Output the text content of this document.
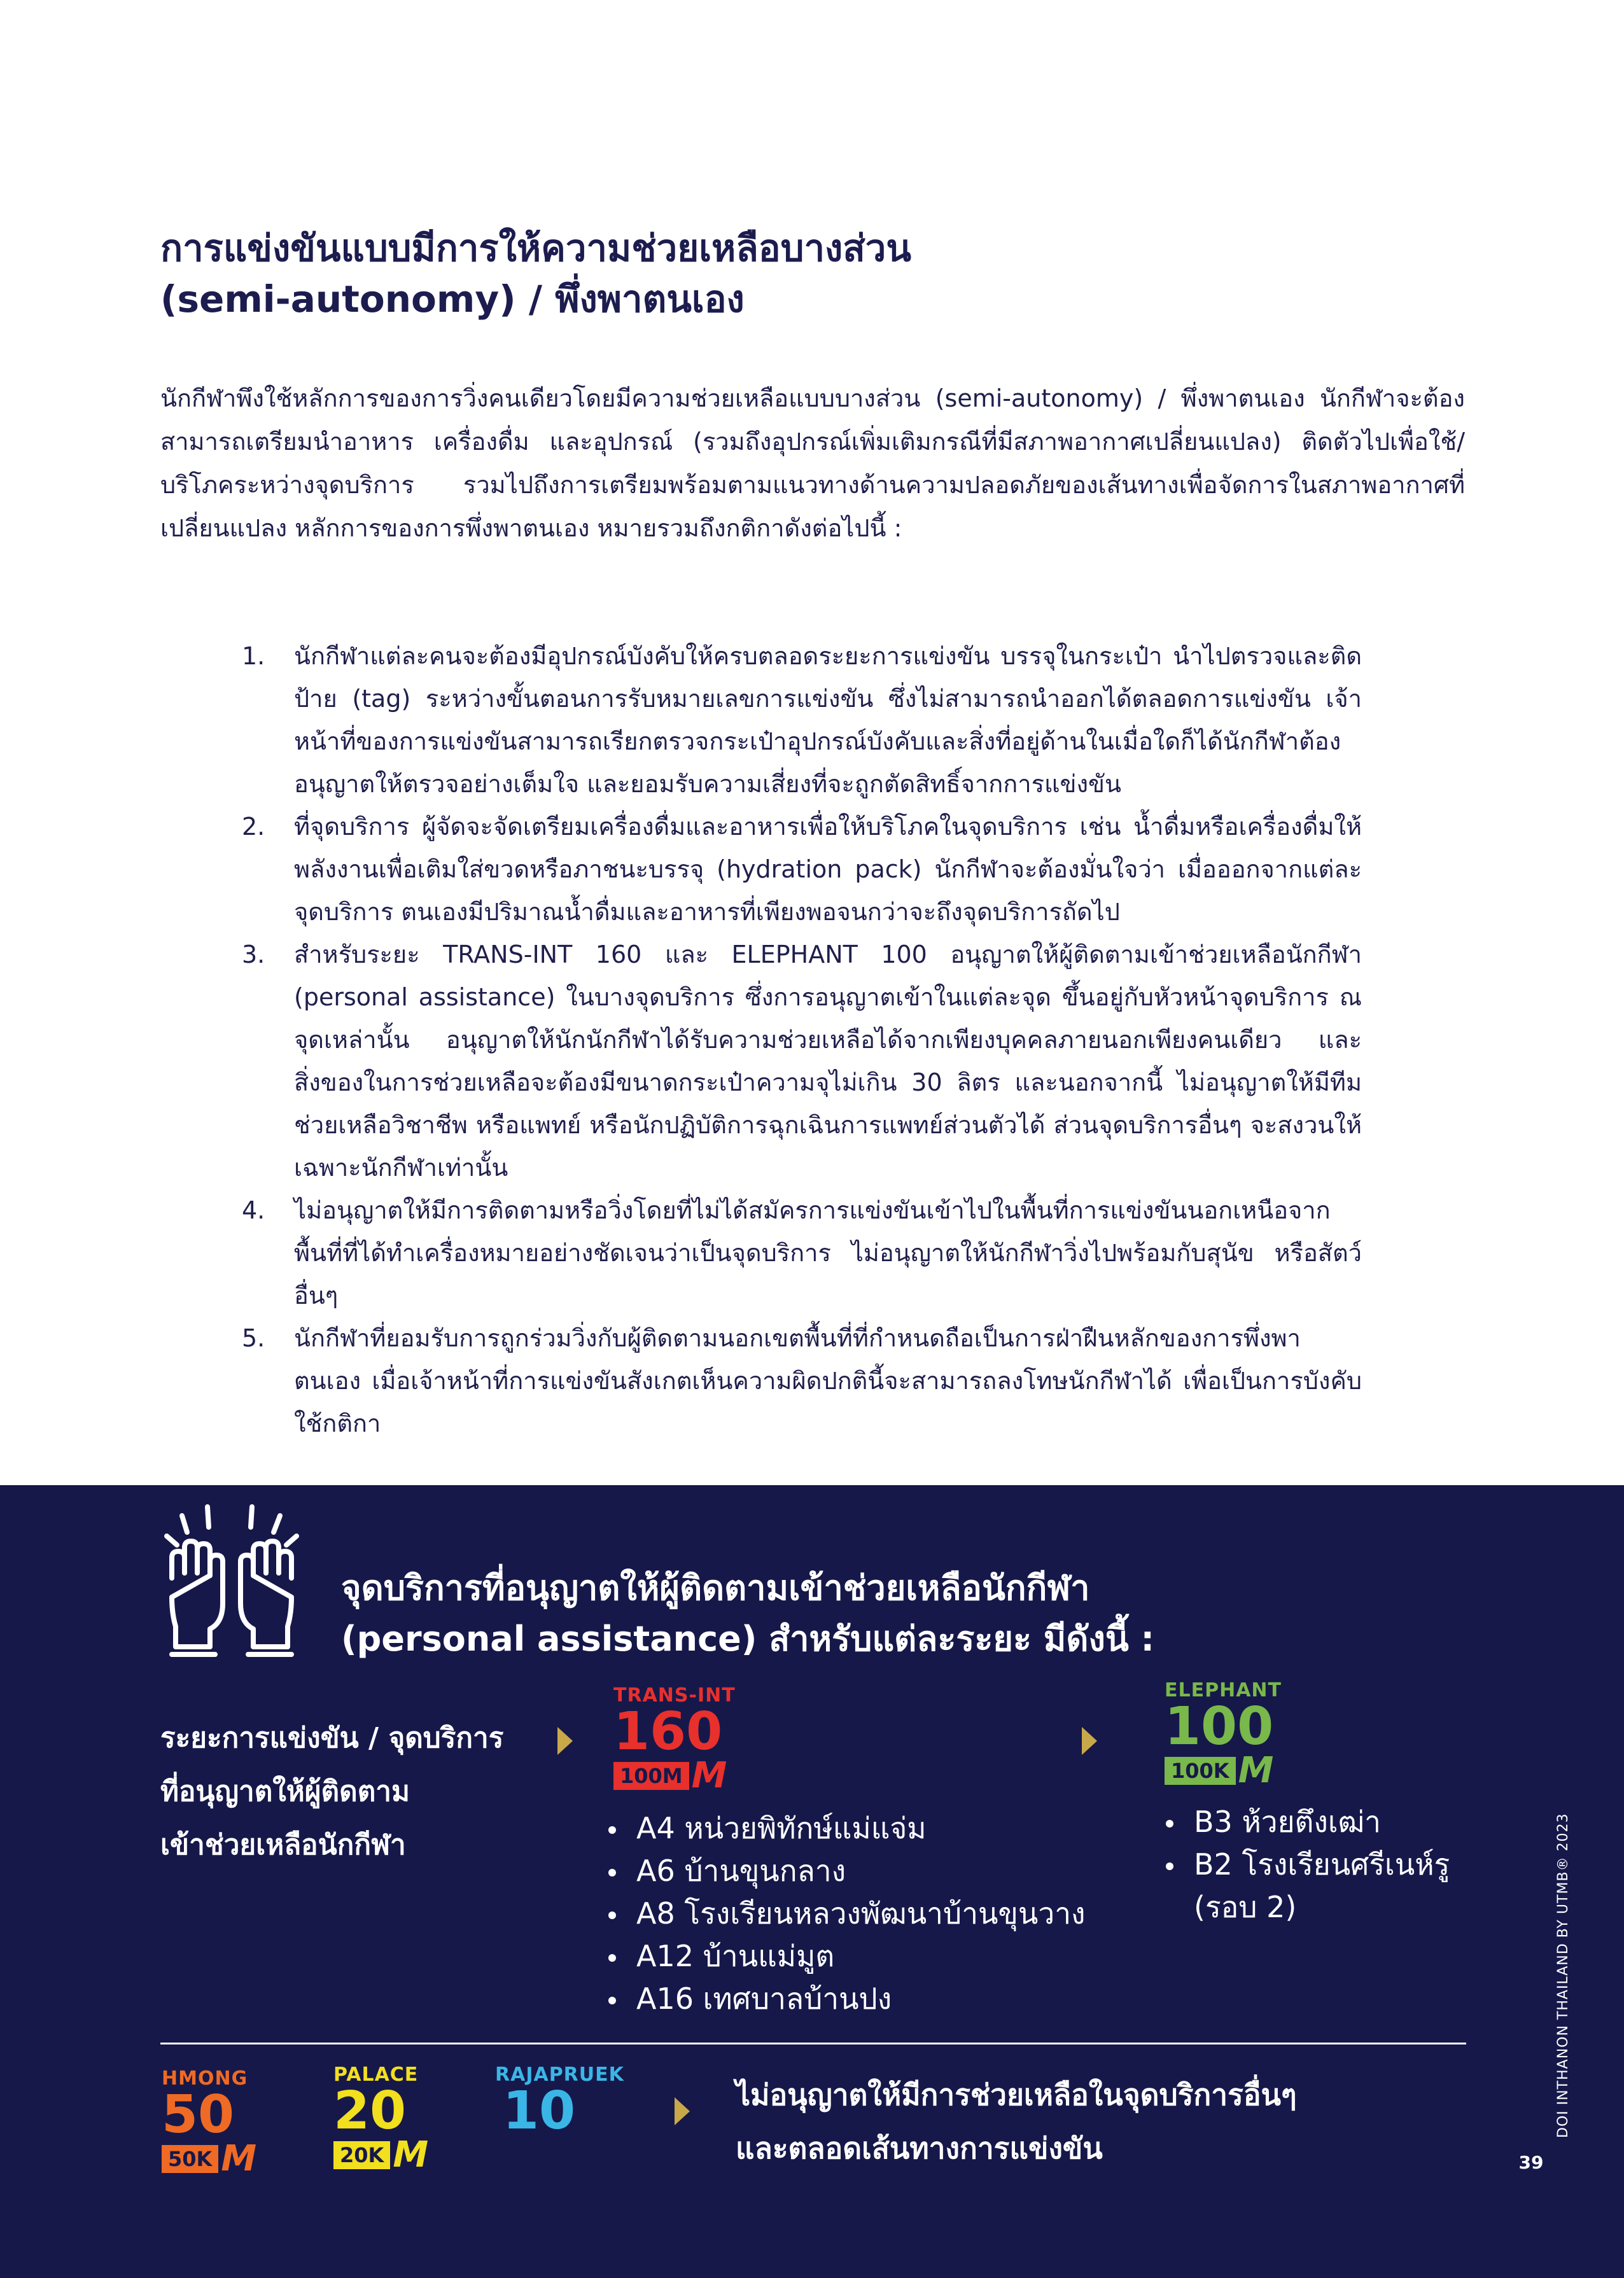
การแข่งขันแบบมีการให้ความช่วยเหลือบางส่วน
(semi-autonomy) / พึ่งพาตนเอง

นักกีฬาพึงใช้หลักการของการวิ่งคนเดียวโดยมีความช่วยเหลือแบบบางส่วน (semi-autonomy) / พึ่งพาตนเอง นักกีฬาจะต้องสามารถเตรียมนำอาหาร เครื่องดื่ม และอุปกรณ์ (รวมถึงอุปกรณ์เพิ่มเติมกรณีที่มีสภาพอากาศเปลี่ยนแปลง) ติดตัวไปเพื่อใช้/บริโภคระหว่างจุดบริการ รวมไปถึงการเตรียมพร้อมตามแนวทางด้านความปลอดภัยของเส้นทางเพื่อจัดการในสภาพอากาศที่เปลี่ยนแปลง หลักการของการพึ่งพาตนเอง หมายรวมถึงกติกาดังต่อไปนี้ :

1. นักกีฬาแต่ละคนจะต้องมีอุปกรณ์บังคับให้ครบตลอดระยะการแข่งขัน บรรจุในกระเป๋า นำไปตรวจและติดป้าย (tag) ระหว่างขั้นตอนการรับหมายเลขการแข่งขัน ซึ่งไม่สามารถนำออกได้ตลอดการแข่งขัน เจ้าหน้าที่ของการแข่งขันสามารถเรียกตรวจกระเป๋าอุปกรณ์บังคับและสิ่งที่อยู่ด้านในเมื่อใดก็ได้นักกีฬาต้องอนุญาตให้ตรวจอย่างเต็มใจ และยอมรับความเสี่ยงที่จะถูกตัดสิทธิ์จากการแข่งขัน
2. ที่จุดบริการ ผู้จัดจะจัดเตรียมเครื่องดื่มและอาหารเพื่อให้บริโภคในจุดบริการ เช่น น้ำดื่มหรือเครื่องดื่มให้พลังงานเพื่อเติมใส่ขวดหรือภาชนะบรรจุ (hydration pack) นักกีฬาจะต้องมั่นใจว่า เมื่อออกจากแต่ละจุดบริการ ตนเองมีปริมาณน้ำดื่มและอาหารที่เพียงพอจนกว่าจะถึงจุดบริการถัดไป
3. สำหรับระยะ TRANS-INT 160 และ ELEPHANT 100 อนุญาตให้ผู้ติดตามเข้าช่วยเหลือนักกีฬา (personal assistance) ในบางจุดบริการ ซึ่งการอนุญาตเข้าในแต่ละจุด ขึ้นอยู่กับหัวหน้าจุดบริการ ณ จุดเหล่านั้น อนุญาตให้นักนักกีฬาได้รับความช่วยเหลือได้จากเพียงบุคคลภายนอกเพียงคนเดียว และสิ่งของในการช่วยเหลือจะต้องมีขนาดกระเป๋าความจุไม่เกิน 30 ลิตร และนอกจากนี้ ไม่อนุญาตให้มีทีมช่วยเหลือวิชาชีพ หรือแพทย์ หรือนักปฏิบัติการฉุกเฉินการแพทย์ส่วนตัวได้ ส่วนจุดบริการอื่นๆ จะสงวนให้เฉพาะนักกีฬาเท่านั้น
4. ไม่อนุญาตให้มีการติดตามหรือวิ่งโดยที่ไม่ได้สมัครการแข่งขันเข้าไปในพื้นที่การแข่งขันนอกเหนือจากพื้นที่ที่ได้ทำเครื่องหมายอย่างชัดเจนว่าเป็นจุดบริการ ไม่อนุญาตให้นักกีฬาวิ่งไปพร้อมกับสุนัข หรือสัตว์อื่นๆ
5. นักกีฬาที่ยอมรับการถูกร่วมวิ่งกับผู้ติดตามนอกเขตพื้นที่ที่กำหนดถือเป็นการฝ่าฝืนหลักของการพึ่งพาตนเอง เมื่อเจ้าหน้าที่การแข่งขันสังเกตเห็นความผิดปกตินี้จะสามารถลงโทษนักกีฬาได้ เพื่อเป็นการบังคับใช้กติกา
จุดบริการที่อนุญาตให้ผู้ติดตามเข้าช่วยเหลือนักกีฬา
(personal assistance) สำหรับแต่ละระยะ มีดังนี้ :
ระยะการแข่งขัน / จุดบริการ
ที่อนุญาตให้ผู้ติดตาม
เข้าช่วยเหลือนักกีฬา
TRANS-INT
160
100M M
A4 หน่วยพิทักษ์แม่แจ่ม
A6 บ้านขุนกลาง
A8 โรงเรียนหลวงพัฒนาบ้านขุนวาง
A12 บ้านแม่มูต
A16 เทศบาลบ้านปง
ELEPHANT
100
100K M
B3 ห้วยตึงเฒ่า
B2 โรงเรียนศรีเนห์รู
(รอบ 2)
HMONG
50
50K M
PALACE
20
20K M
RAJAPRUEK
10	ไม่อนุญาตให้มีการช่วยเหลือในจุดบริการอื่นๆ
และตลอดเส้นทางการแข่งขัน
DOI INTHANON THAILAND BY UTMB® 2023
39
